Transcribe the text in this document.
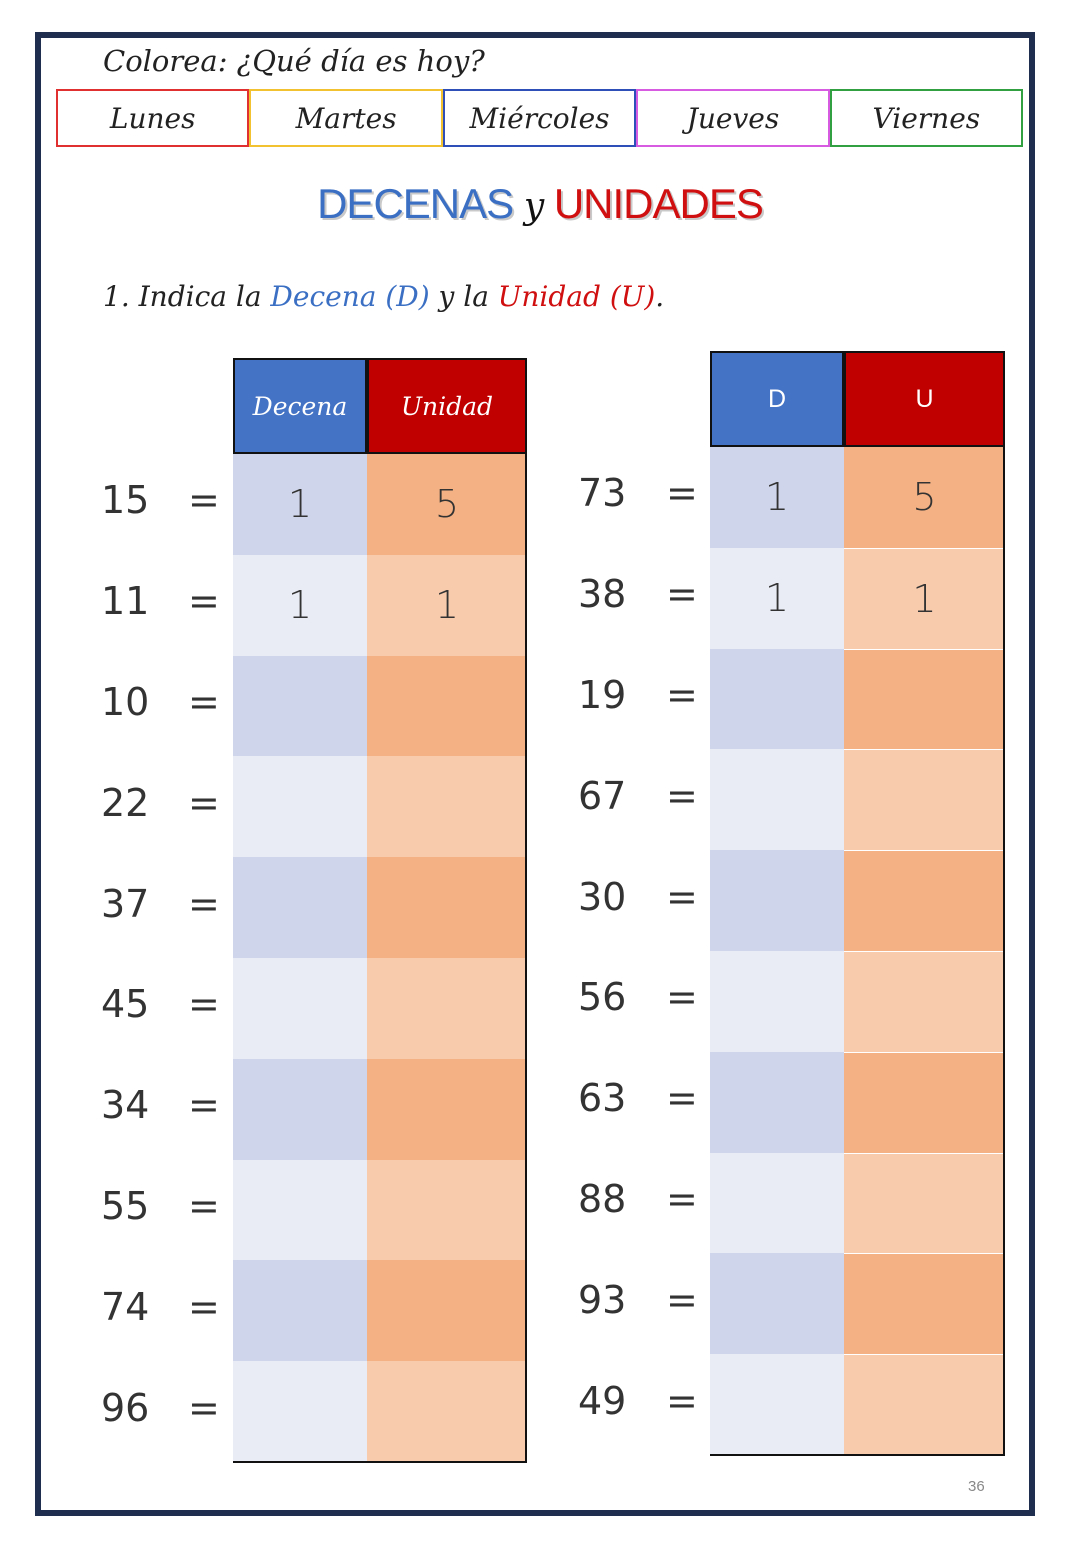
Colorea: ¿Qué día es hoy?
Lunes	Martes	Miércoles	Jueves	Viernes
DECENAS y UNIDADES
1. Indica la Decena (D) y la Unidad (U).
Decena	Unidad
15 =	1	5
11 =	1	1
10 =
22 =
37 =
45 =
34 =
55 =
74 =
96 =
D	U
73 =	1	5
38 =	1	1
19 =
67 =
30 =
56 =
63 =
88 =
93 =
49 =
36
